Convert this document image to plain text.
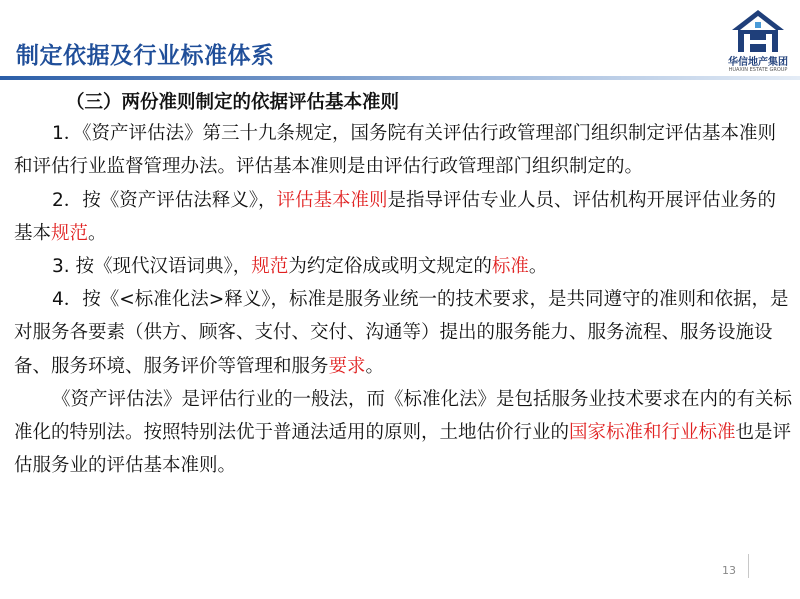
制定依据及行业标准体系	华信地产集团
HUAXIN ESTATE GROUP
（三）两份准则制定的依据评估基本准则

1．《资产评估法》第三十九条规定，国务院有关评估行政管理部门组织制定评估基本准则和评估行业监督管理办法。评估基本准则是由评估行政管理部门组织制定的。

2．按《资产评估法释义》，评估基本准则是指导评估专业人员、评估机构开展评估业务的基本规范。

3. 按《现代汉语词典》，规范为约定俗成或明文规定的标准。

4．按《<标准化法>释义》，标准是服务业统一的技术要求，是共同遵守的准则和依据，是对服务各要素（供方、顾客、支付、交付、沟通等）提出的服务能力、服务流程、服务设施设备、服务环境、服务评价等管理和服务要求。

《资产评估法》是评估行业的一般法，而《标准化法》是包括服务业技术要求在内的有关标准化的特别法。按照特别法优于普通法适用的原则，土地估价行业的国家标准和行业标准也是评估服务业的评估基本准则。

13
